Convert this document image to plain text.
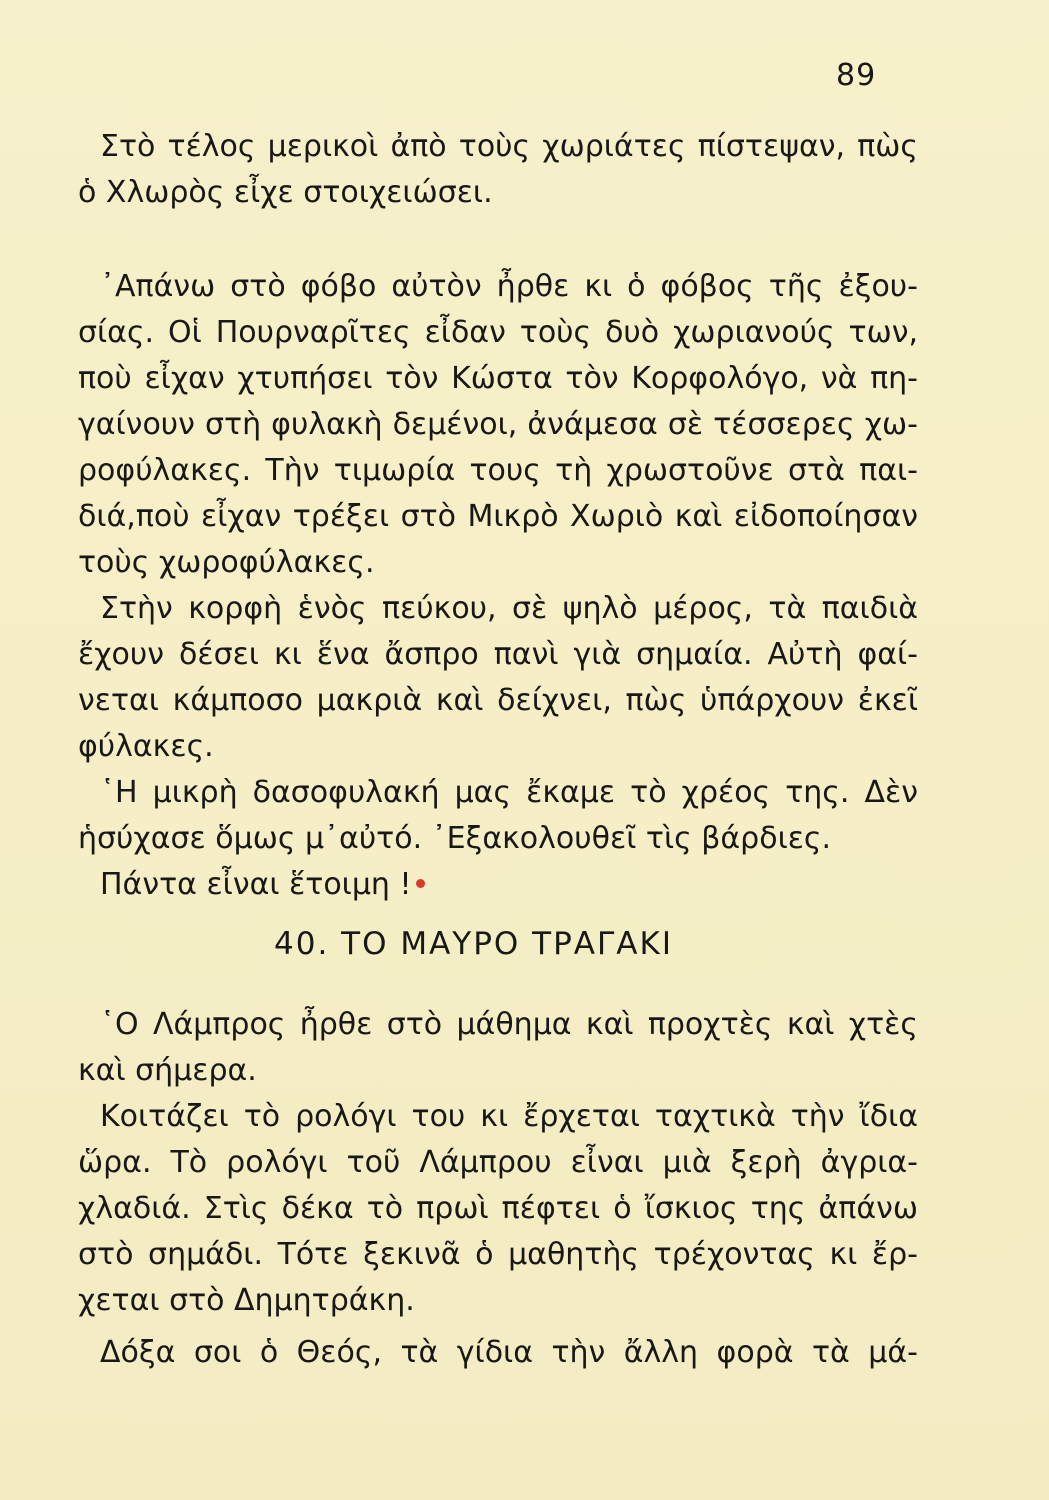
89
Στὸ τέλος μερικοὶ ἀπὸ τοὺς χωριάτες πίστεψαν, πὼς
ὁ Χλωρὸς εἶχε στοιχειώσει.
᾿Απάνω στὸ φόβο αὐτὸν ἦρθε κι ὁ φόβος τῆς ἐξου-
σίας. Οἱ Πουρναρῖτες εἶδαν τοὺς δυὸ χωριανούς των,
ποὺ εἶχαν χτυπήσει τὸν Κώστα τὸν Κορφολόγο, νὰ πη-
γαίνουν στὴ φυλακὴ δεμένοι, ἀνάμεσα σὲ τέσσερες χω-
ροφύλακες. Τὴν τιμωρία τους τὴ χρωστοῦνε στὰ παι-
διά,ποὺ εἶχαν τρέξει στὸ Μικρὸ Χωριὸ καὶ εἰδοποίησαν
τοὺς χωροφύλακες.
Στὴν κορφὴ ἑνὸς πεύκου, σὲ ψηλὸ μέρος, τὰ παιδιὰ
ἔχουν δέσει κι ἕνα ἄσπρο πανὶ γιὰ σημαία. Αὐτὴ φαί-
νεται κάμποσο μακριὰ καὶ δείχνει, πὼς ὑπάρχουν ἐκεῖ
φύλακες.
῾Η μικρὴ δασοφυλακή μας ἔκαμε τὸ χρέος της. Δὲν
ἡσύχασε ὅμως μ᾿αὐτό. ᾿Εξακολουθεῖ τὶς βάρδιες.
Πάντα εἶναι ἕτοιμη !
40. ΤΟ ΜΑΥΡΟ ΤΡΑΓΑΚΙ
῾Ο Λάμπρος ἦρθε στὸ μάθημα καὶ προχτὲς καὶ χτὲς
καὶ σήμερα.
Κοιτάζει τὸ ρολόγι του κι ἔρχεται ταχτικὰ τὴν ἴδια
ὥρα. Τὸ ρολόγι τοῦ Λάμπρου εἶναι μιὰ ξερὴ ἀγρια-
χλαδιά. Στὶς δέκα τὸ πρωὶ πέφτει ὁ ἴσκιος της ἀπάνω
στὸ σημάδι. Τότε ξεκινᾶ ὁ μαθητὴς τρέχοντας κι ἔρ-
χεται στὸ Δημητράκη.
Δόξα σοι ὁ Θεός, τὰ γίδια τὴν ἄλλη φορὰ τὰ μά-
